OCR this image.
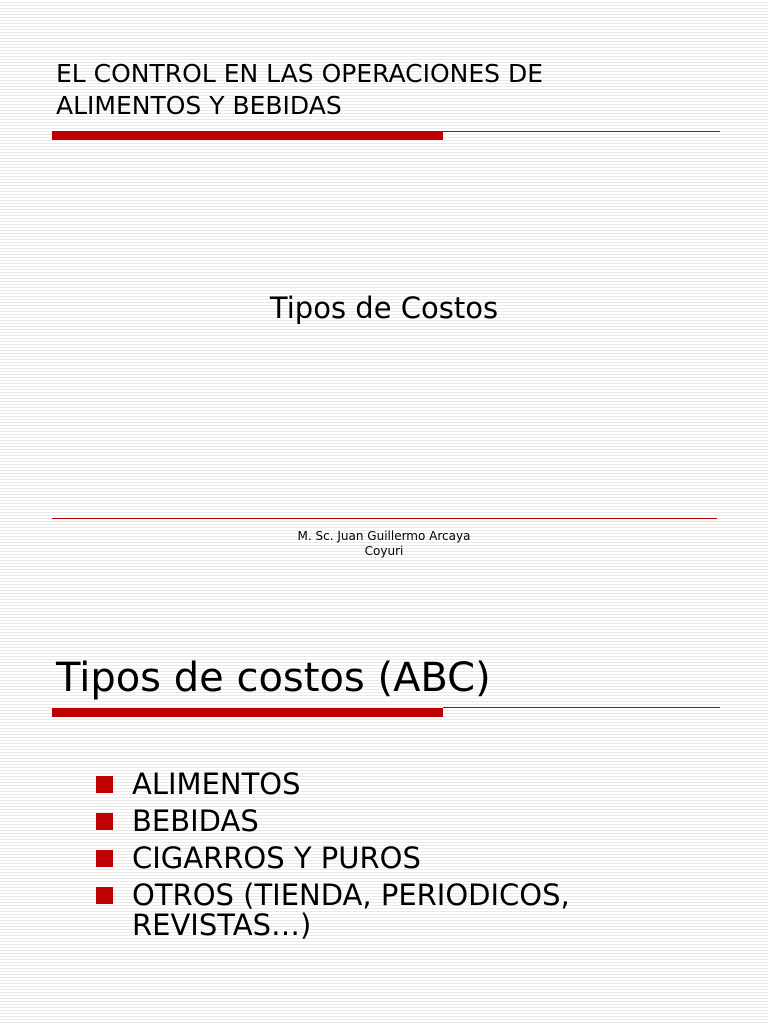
EL CONTROL EN LAS OPERACIONES DE
ALIMENTOS Y BEBIDAS
Tipos de Costos
M. Sc. Juan Guillermo Arcaya
Coyuri
Tipos de costos (ABC)
ALIMENTOS
BEBIDAS
CIGARROS Y PUROS
OTROS (TIENDA, PERIODICOS, REVISTAS…)
